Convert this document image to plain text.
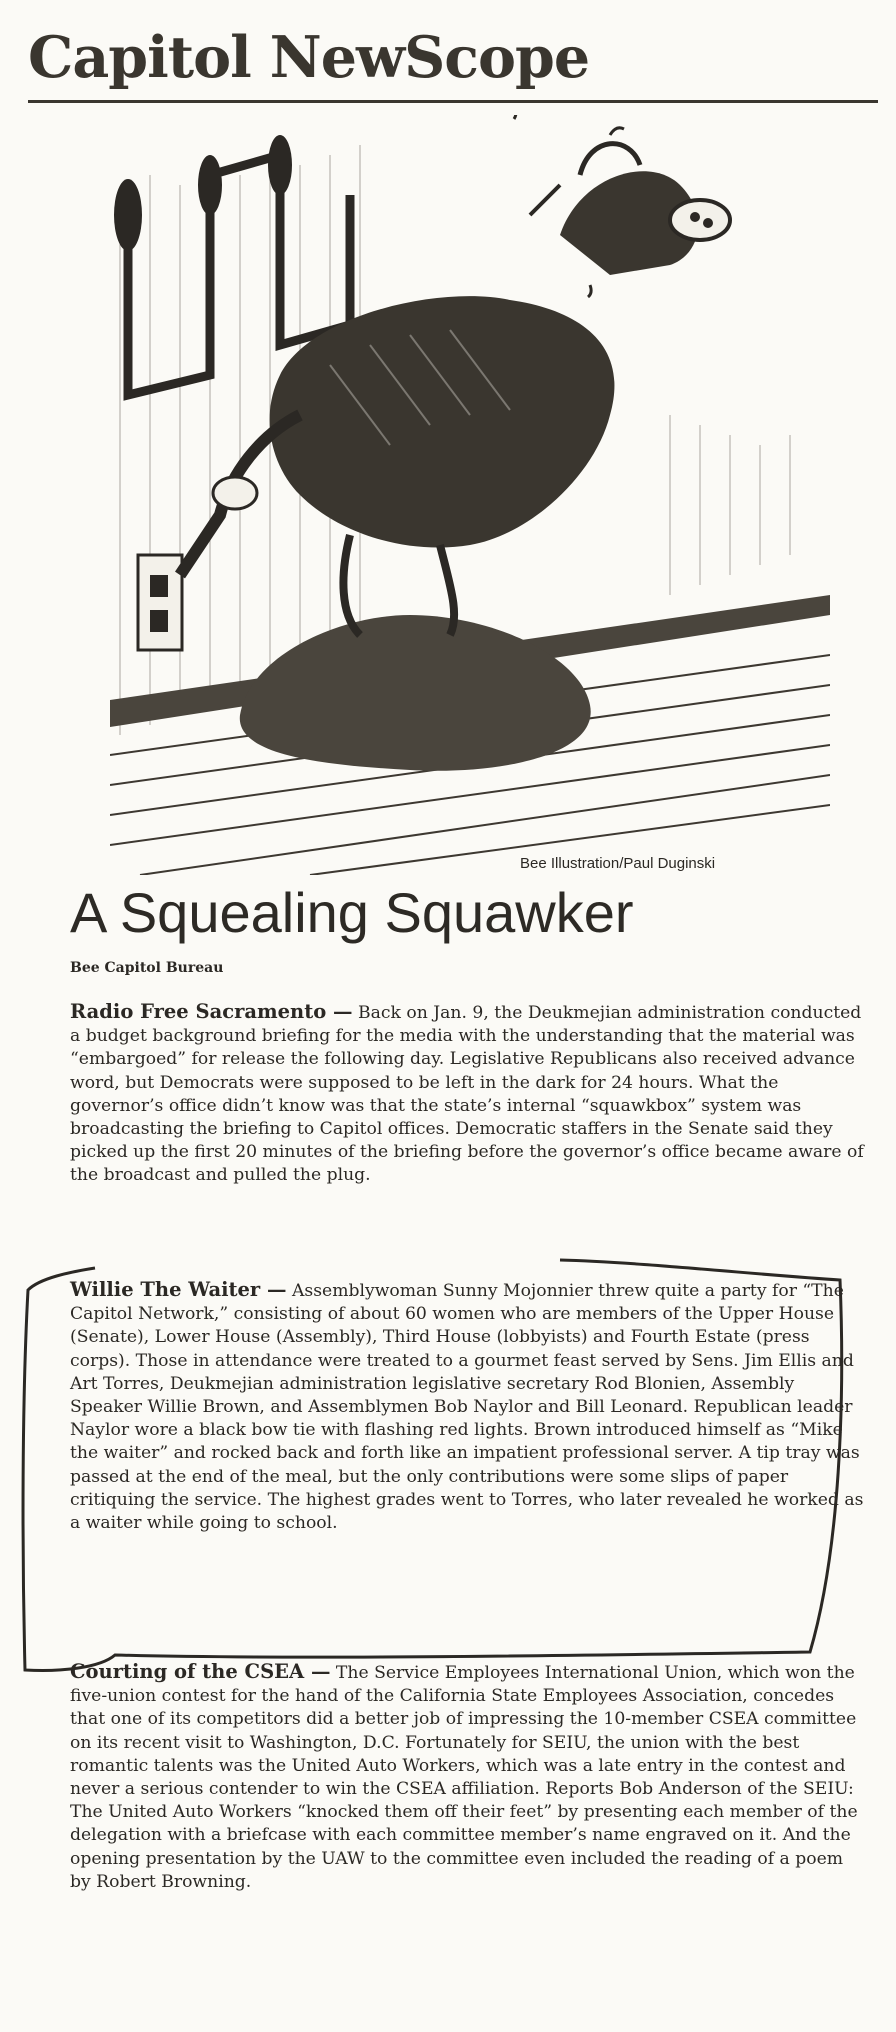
Capitol NewScope
Bee Illustration/Paul Duginski
A Squealing Squawker
Bee Capitol Bureau
Radio Free Sacramento — Back on Jan. 9, the Deukmejian administration conducted a budget background briefing for the media with the understanding that the material was “embargoed” for release the following day. Legislative Republicans also received advance word, but Democrats were supposed to be left in the dark for 24 hours. What the governor’s office didn’t know was that the state’s internal “squawkbox” system was broadcasting the briefing to Capitol offices. Democratic staffers in the Senate said they picked up the first 20 minutes of the briefing before the governor’s office became aware of the broadcast and pulled the plug.
Willie The Waiter — Assemblywoman Sunny Mojonnier threw quite a party for “The Capitol Network,” consisting of about 60 women who are members of the Upper House (Senate), Lower House (Assembly), Third House (lobbyists) and Fourth Estate (press corps). Those in attendance were treated to a gourmet feast served by Sens. Jim Ellis and Art Torres, Deukmejian administration legislative secretary Rod Blonien, Assembly Speaker Willie Brown, and Assemblymen Bob Naylor and Bill Leonard. Republican leader Naylor wore a black bow tie with flashing red lights. Brown introduced himself as “Mike the waiter” and rocked back and forth like an impatient professional server. A tip tray was passed at the end of the meal, but the only contributions were some slips of paper critiquing the service. The highest grades went to Torres, who later revealed he worked as a waiter while going to school.
Courting of the CSEA — The Service Employees International Union, which won the five-union contest for the hand of the California State Employees Association, concedes that one of its competitors did a better job of impressing the 10-member CSEA committee on its recent visit to Washington, D.C. Fortunately for SEIU, the union with the best romantic talents was the United Auto Workers, which was a late entry in the contest and never a serious contender to win the CSEA affiliation. Reports Bob Anderson of the SEIU: The United Auto Workers “knocked them off their feet” by presenting each member of the delegation with a briefcase with each committee member’s name engraved on it. And the opening presentation by the UAW to the committee even included the reading of a poem by Robert Browning.
